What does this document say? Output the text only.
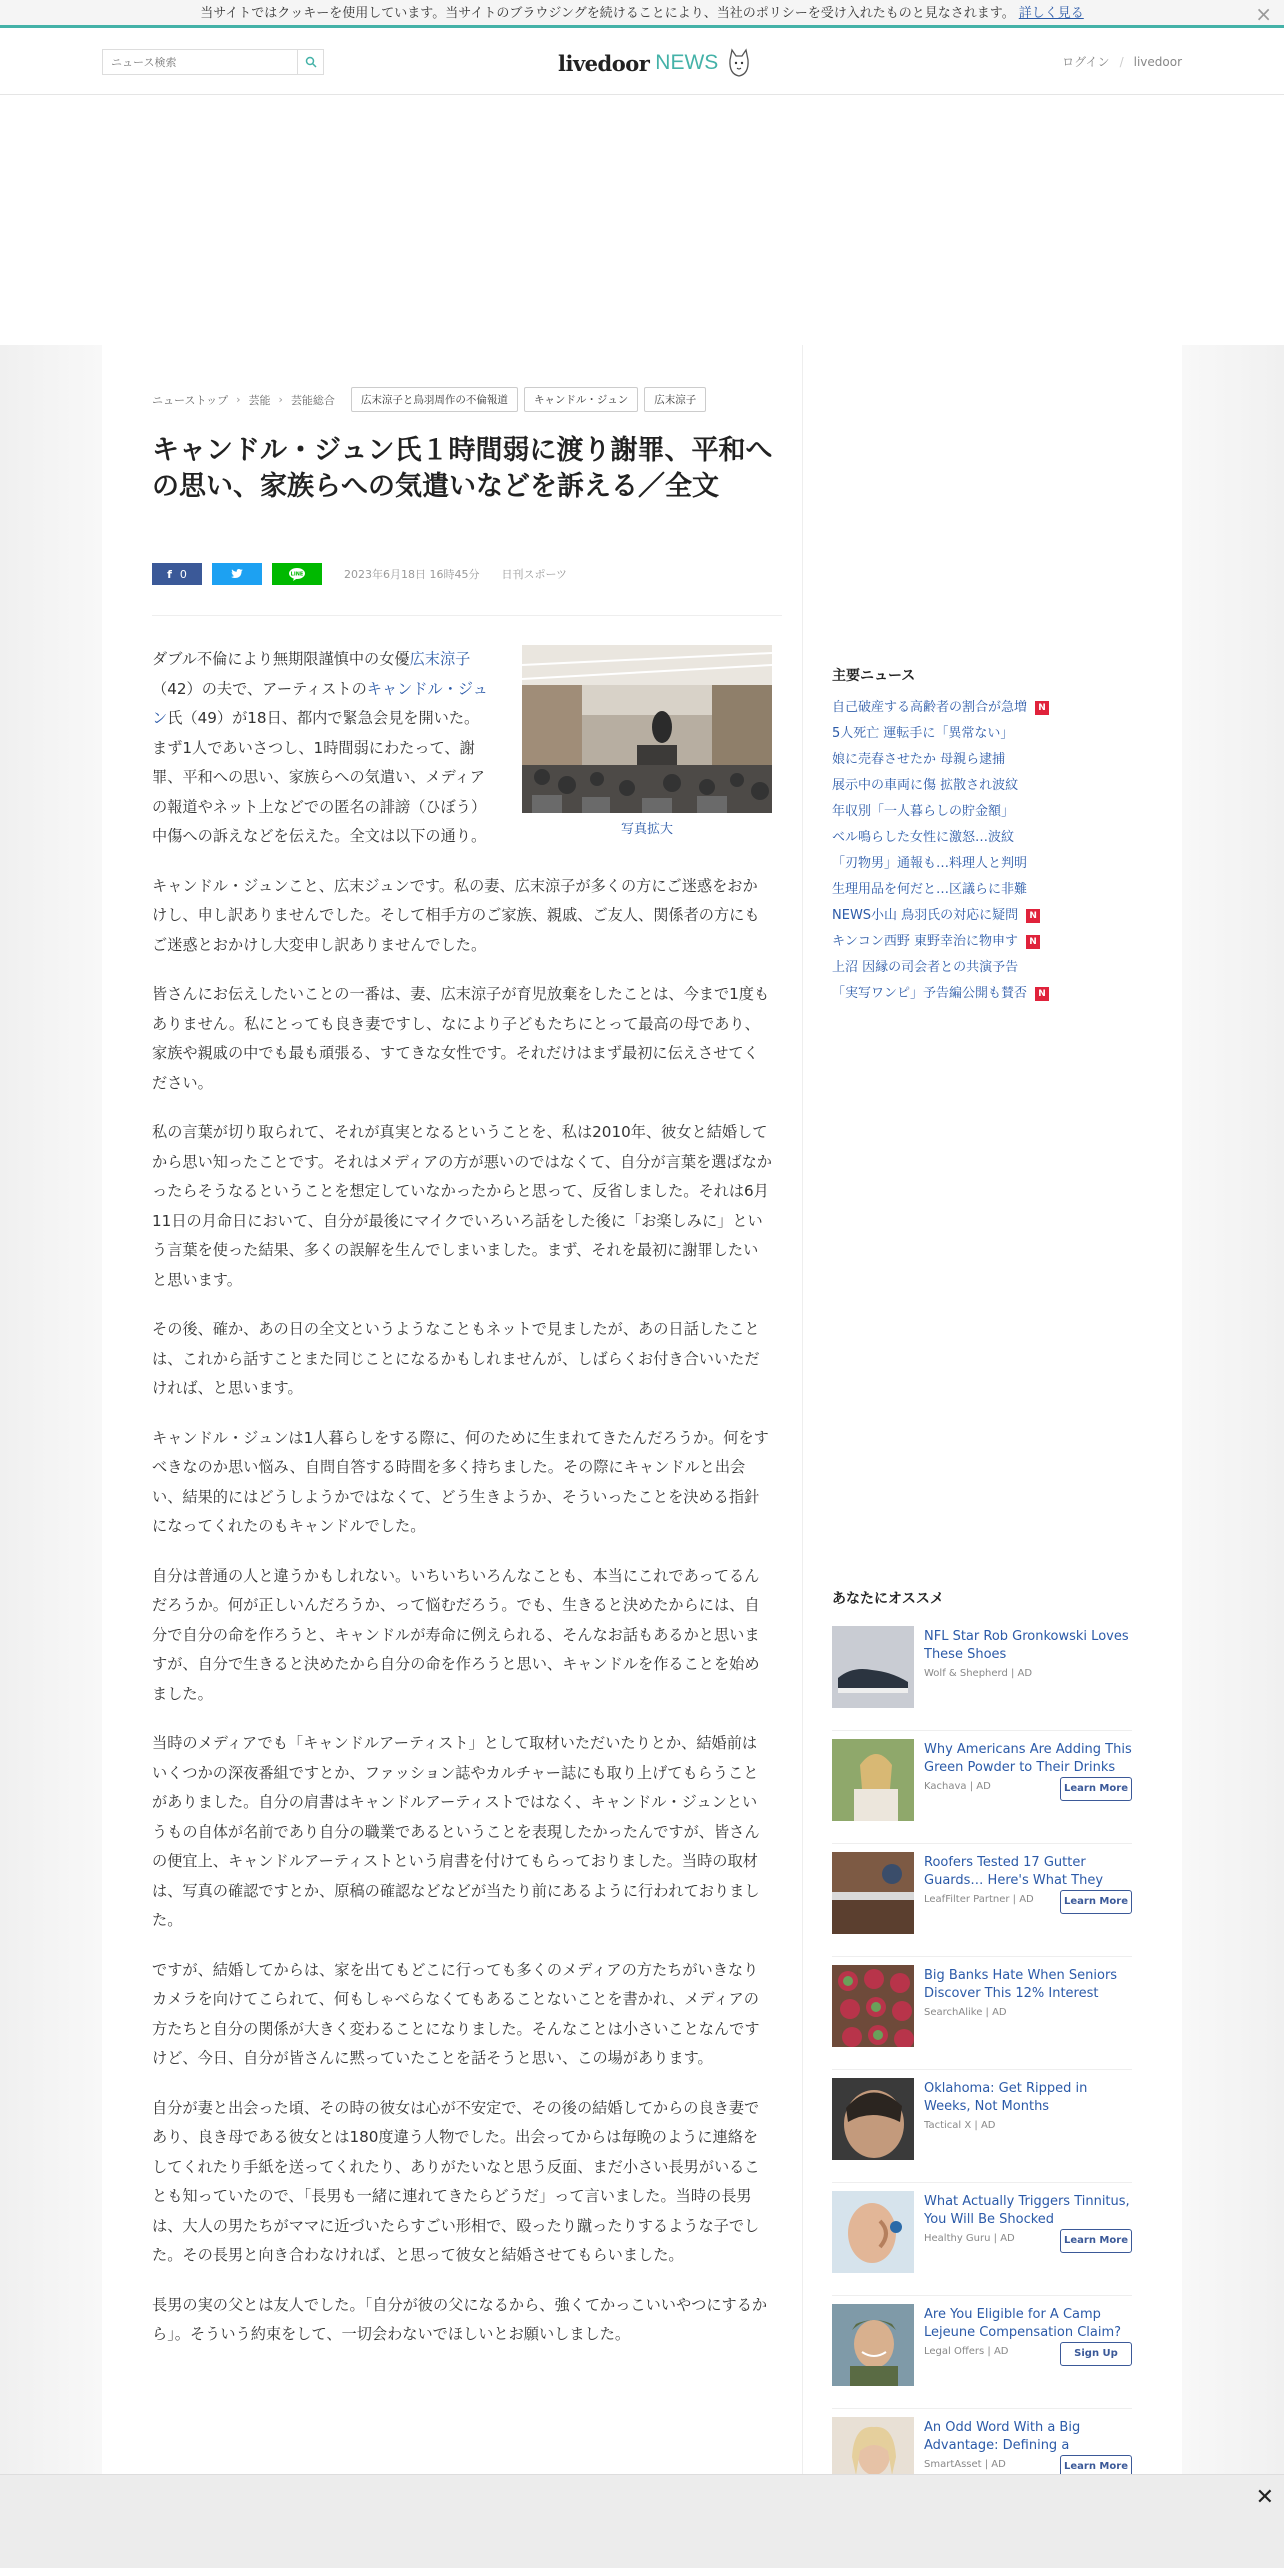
当サイトではクッキーを使用しています。当サイトのブラウジングを続けることにより、当社のポリシーを受け入れたものと見なされます。 詳しく見る	×
ニュース検索
livedoor NEWS	ログイン / livedoor
ニューストップ › 芸能 › 芸能総合	広末涼子と鳥羽周作の不倫報道	キャンドル・ジュン	広末涼子
キャンドル・ジュン氏１時間弱に渡り謝罪、平和への思い、家族らへの気遣いなどを訴える／全文
f 0	LINE	2023年6月18日 16時45分 日刊スポーツ
写真拡大

ダブル不倫により無期限謹慎中の女優広末涼子（42）の夫で、アーティストのキャンドル・ジュン氏（49）が18日、都内で緊急会見を開いた。まず1人であいさつし、1時間弱にわたって、謝罪、平和への思い、家族らへの気遣い、メディアの報道やネット上などでの匿名の誹謗（ひぼう）中傷への訴えなどを伝えた。全文は以下の通り。

キャンドル・ジュンこと、広末ジュンです。私の妻、広末涼子が多くの方にご迷惑をおかけし、申し訳ありませんでした。そして相手方のご家族、親戚、ご友人、関係者の方にもご迷惑とおかけし大変申し訳ありませんでした。

皆さんにお伝えしたいことの一番は、妻、広末涼子が育児放棄をしたことは、今まで1度もありません。私にとっても良き妻ですし、なにより子どもたちにとって最高の母であり、家族や親戚の中でも最も頑張る、すてきな女性です。それだけはまず最初に伝えさせてください。

私の言葉が切り取られて、それが真実となるということを、私は2010年、彼女と結婚してから思い知ったことです。それはメディアの方が悪いのではなくて、自分が言葉を選ばなかったらそうなるということを想定していなかったからと思って、反省しました。それは6月11日の月命日において、自分が最後にマイクでいろいろ話をした後に「お楽しみに」という言葉を使った結果、多くの誤解を生んでしまいました。まず、それを最初に謝罪したいと思います。

その後、確か、あの日の全文というようなこともネットで見ましたが、あの日話したことは、これから話すことまた同じことになるかもしれませんが、しばらくお付き合いいただければ、と思います。

キャンドル・ジュンは1人暮らしをする際に、何のために生まれてきたんだろうか。何をすべきなのか思い悩み、自問自答する時間を多く持ちました。その際にキャンドルと出会い、結果的にはどうしようかではなくて、どう生きようか、そういったことを決める指針になってくれたのもキャンドルでした。

自分は普通の人と違うかもしれない。いちいちいろんなことも、本当にこれであってるんだろうか。何が正しいんだろうか、って悩むだろう。でも、生きると決めたからには、自分で自分の命を作ろうと、キャンドルが寿命に例えられる、そんなお話もあるかと思いますが、自分で生きると決めたから自分の命を作ろうと思い、キャンドルを作ることを始めました。

当時のメディアでも「キャンドルアーティスト」として取材いただいたりとか、結婚前はいくつかの深夜番組ですとか、ファッション誌やカルチャー誌にも取り上げてもらうことがありました。自分の肩書はキャンドルアーティストではなく、キャンドル・ジュンというもの自体が名前であり自分の職業であるということを表現したかったんですが、皆さんの便宜上、キャンドルアーティストという肩書を付けてもらっておりました。当時の取材は、写真の確認ですとか、原稿の確認などなどが当たり前にあるように行われておりました。

ですが、結婚してからは、家を出てもどこに行っても多くのメディアの方たちがいきなりカメラを向けてこられて、何もしゃべらなくてもあることないことを書かれ、メディアの方たちと自分の関係が大きく変わることになりました。そんなことは小さいことなんですけど、今日、自分が皆さんに黙っていたことを話そうと思い、この場があります。

自分が妻と出会った頃、その時の彼女は心が不安定で、その後の結婚してからの良き妻であり、良き母である彼女とは180度違う人物でした。出会ってからは毎晩のように連絡をしてくれたり手紙を送ってくれたり、ありがたいなと思う反面、まだ小さい長男がいることも知っていたので、「長男も一緒に連れてきたらどうだ」って言いました。当時の長男は、大人の男たちがママに近づいたらすごい形相で、殴ったり蹴ったりするような子でした。その長男と向き合わなければ、と思って彼女と結婚させてもらいました。

長男の実の父とは友人でした。「自分が彼の父になるから、強くてかっこいいやつにするから」。そういう約束をして、一切会わないでほしいとお願いしました。

主要ニュース
自己破産する高齢者の割合が急増	N
5人死亡 運転手に「異常ない」
娘に売春させたか 母親ら逮捕
展示中の車両に傷 拡散され波紋
年収別「一人暮らしの貯金額」
ベル鳴らした女性に激怒…波紋
「刃物男」通報も…料理人と判明
生理用品を何だと…区議らに非難
NEWS小山 鳥羽氏の対応に疑問	N
キンコン西野 東野幸治に物申す	N
上沼 因縁の司会者との共演予告
「実写ワンピ」予告編公開も賛否	N
あなたにオススメ
NFL Star Rob Gronkowski Loves These Shoes
Wolf & Shepherd | AD
Why Americans Are Adding This Green Powder to Their Drinks
Kachava | AD	Learn More
Roofers Tested 17 Gutter Guards… Here's What They
LeafFilter Partner | AD	Learn More
Big Banks Hate When Seniors Discover This 12% Interest
SearchAlike | AD
Oklahoma: Get Ripped in Weeks, Not Months
Tactical X | AD
What Actually Triggers Tinnitus, You Will Be Shocked
Healthy Guru | AD	Learn More
Are You Eligible for A Camp Lejeune Compensation Claim?
Legal Offers | AD	Sign Up
An Odd Word With a Big Advantage: Defining a
SmartAsset | AD	Learn More
✕
